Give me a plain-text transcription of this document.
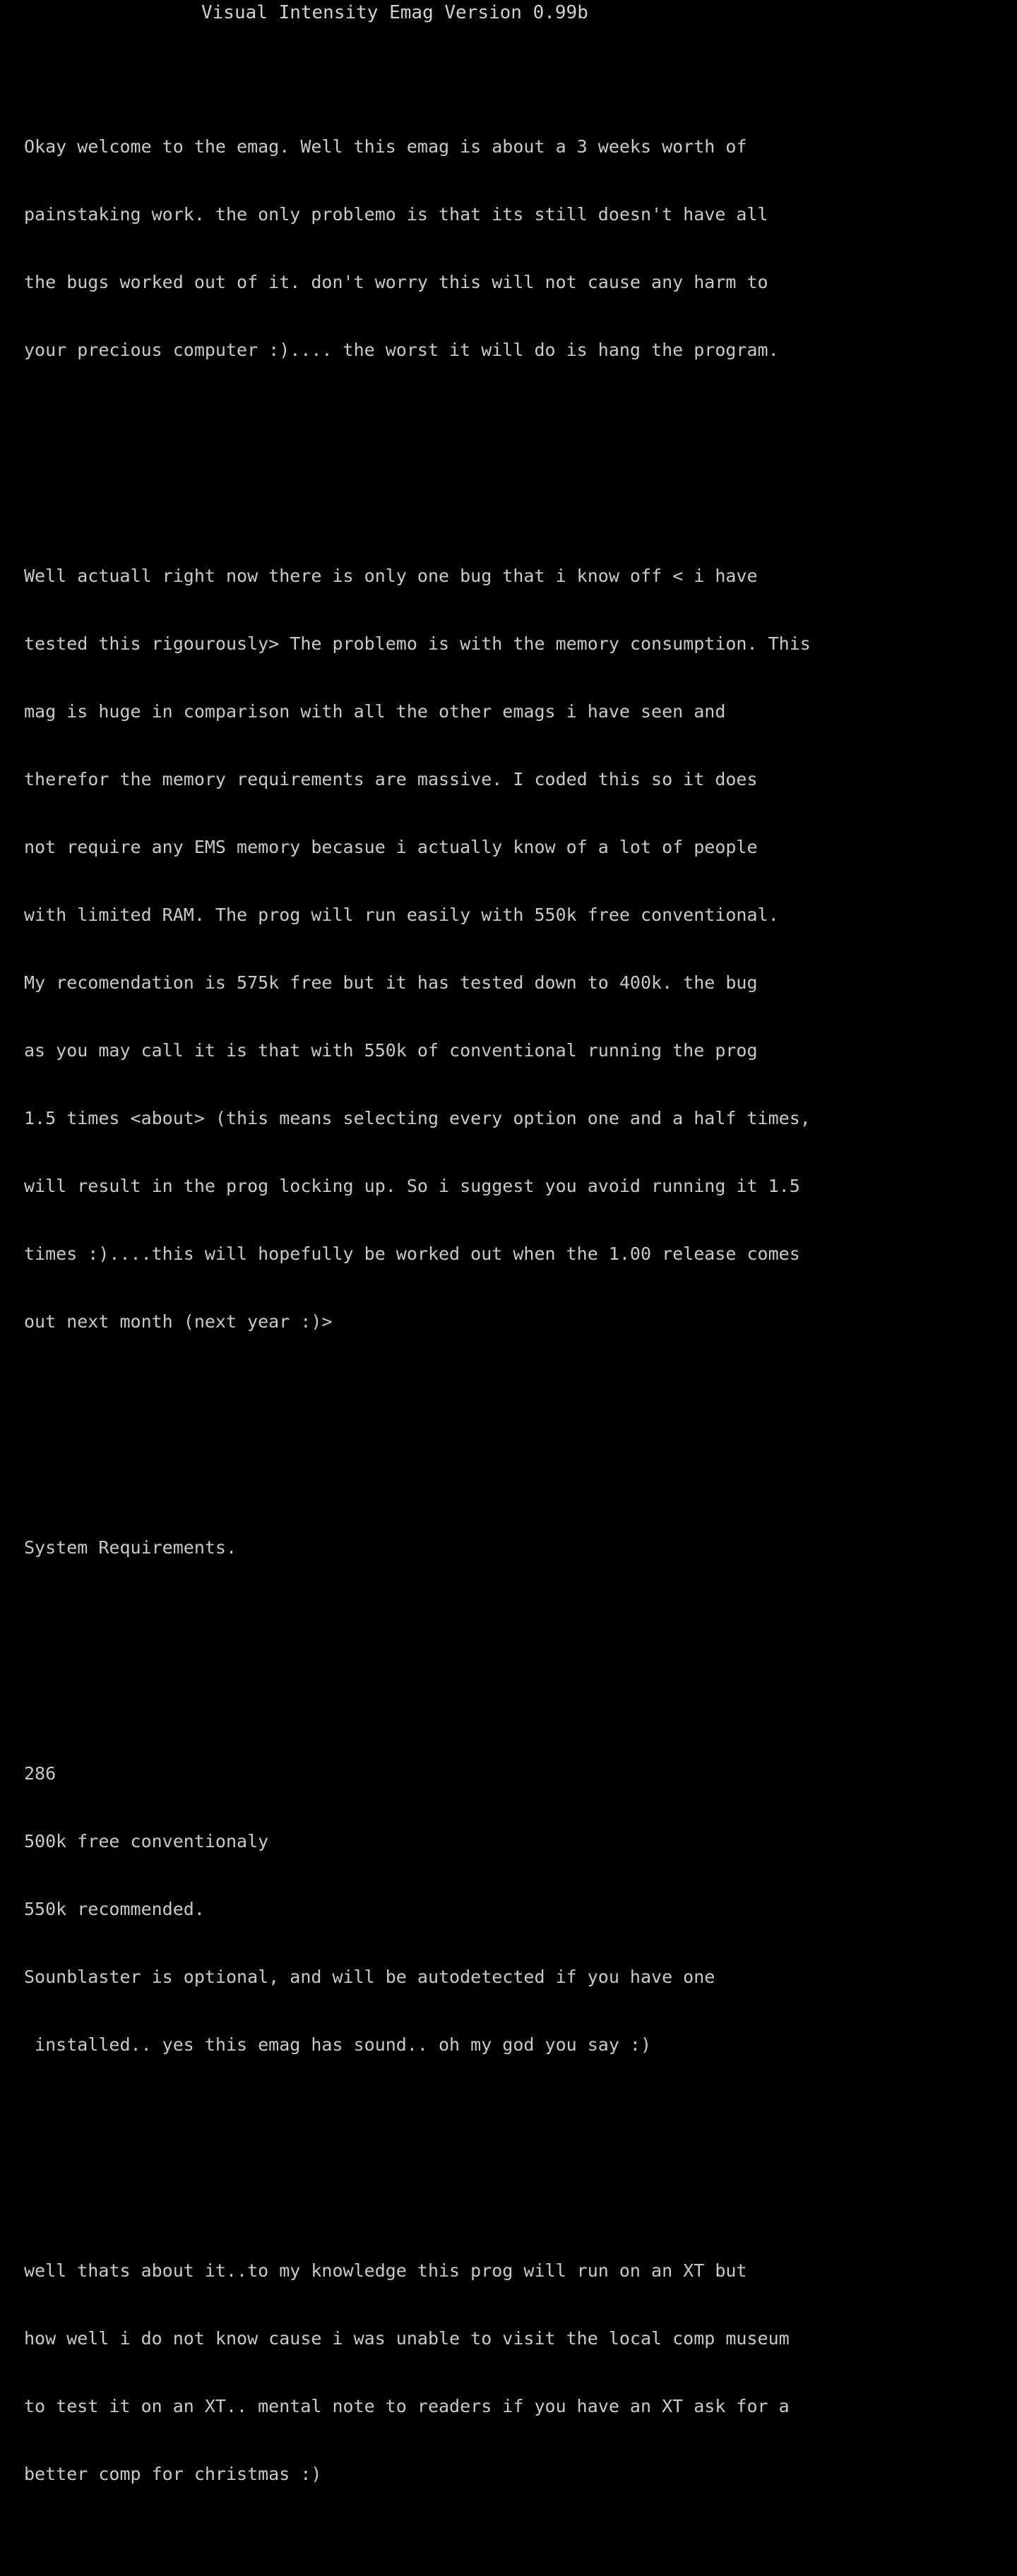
Visual Intensity Emag Version 0.99b

Okay welcome to the emag. Well this emag is about a 3 weeks worth of

painstaking work. the only problemo is that its still doesn't have all

the bugs worked out of it. don't worry this will not cause any harm to

your precious computer :).... the worst it will do is hang the program.

Well actuall right now there is only one bug that i know off < i have

tested this rigourously> The problemo is with the memory consumption. This

mag is huge in comparison with all the other emags i have seen and

therefor the memory requirements are massive. I coded this so it does

not require any EMS memory becasue i actually know of a lot of people

with limited RAM. The prog will run easily with 550k free conventional.

My recomendation is 575k free but it has tested down to 400k. the bug

as you may call it is that with 550k of conventional running the prog

1.5 times <about> (this means selecting every option one and a half times,

will result in the prog locking up. So i suggest you avoid running it 1.5

times :)....this will hopefully be worked out when the 1.00 release comes

out next month (next year :)>

System Requirements.

286

500k free conventionaly

550k recommended.

Sounblaster is optional, and will be autodetected if you have one

installed.. yes this emag has sound.. oh my god you say :)

well thats about it..to my knowledge this prog will run on an XT but

how well i do not know cause i was unable to visit the local comp museum

to test it on an XT.. mental note to readers if you have an XT ask for a

better comp for christmas :)
